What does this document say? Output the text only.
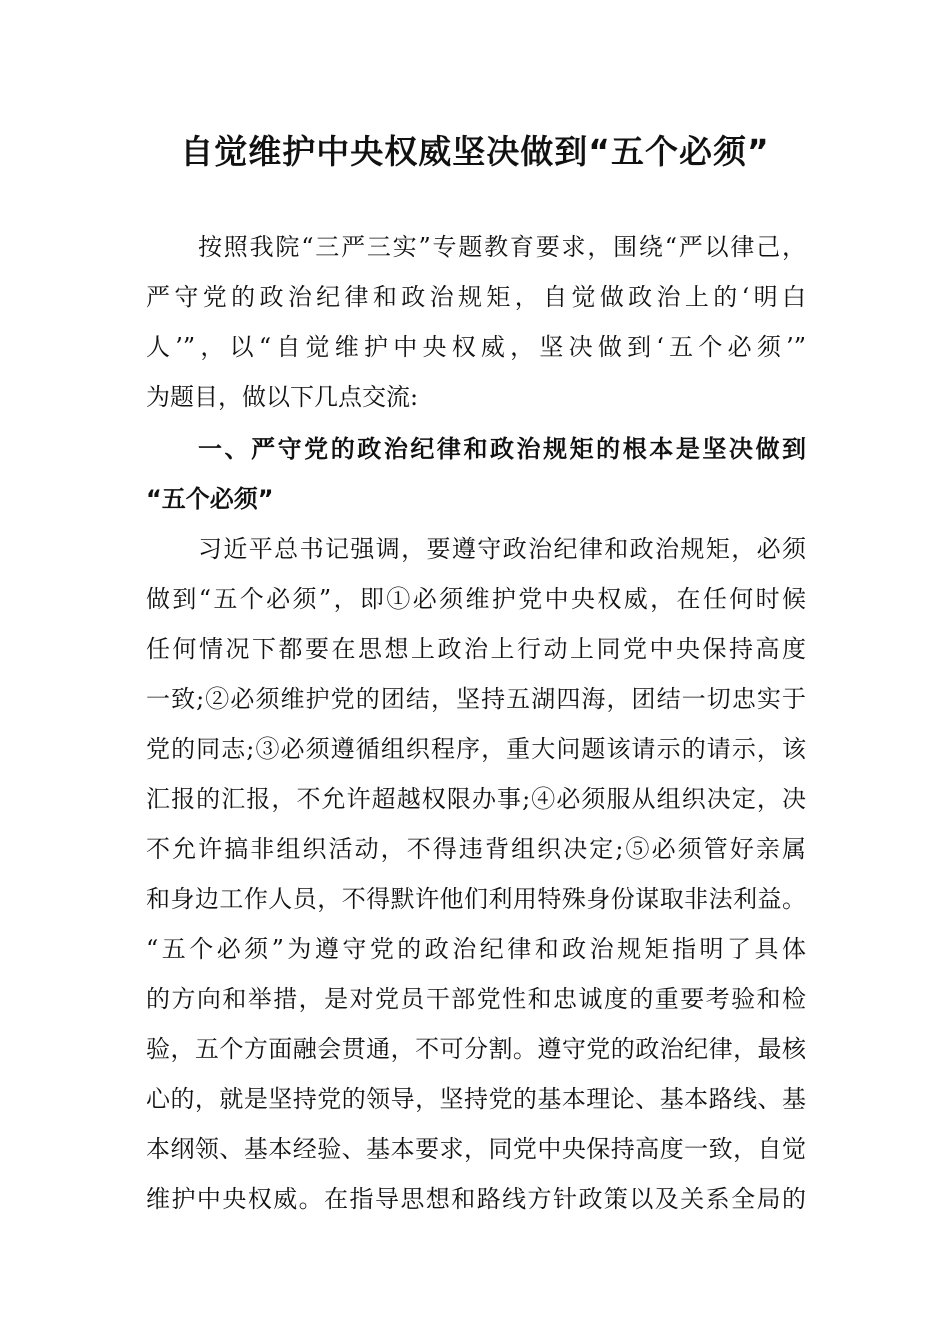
自觉维护中央权威坚决做到“五个必须”
按照我院“三严三实”专题教育要求，围绕“严以律己，
严守党的政治纪律和政治规矩，自觉做政治上的‘明白
人’”，以“自觉维护中央权威，坚决做到‘五个必须’”
为题目，做以下几点交流:
一、严守党的政治纪律和政治规矩的根本是坚决做到
“五个必须”
习近平总书记强调，要遵守政治纪律和政治规矩，必须
做到“五个必须”，即①必须维护党中央权威，在任何时候
任何情况下都要在思想上政治上行动上同党中央保持高度
一致;②必须维护党的团结，坚持五湖四海，团结一切忠实于
党的同志;③必须遵循组织程序，重大问题该请示的请示，该
汇报的汇报，不允许超越权限办事;④必须服从组织决定，决
不允许搞非组织活动，不得违背组织决定;⑤必须管好亲属
和身边工作人员，不得默许他们利用特殊身份谋取非法利益。
“五个必须”为遵守党的政治纪律和政治规矩指明了具体
的方向和举措，是对党员干部党性和忠诚度的重要考验和检
验，五个方面融会贯通，不可分割。遵守党的政治纪律，最核
心的，就是坚持党的领导，坚持党的基本理论、基本路线、基
本纲领、基本经验、基本要求，同党中央保持高度一致，自觉
维护中央权威。在指导思想和路线方针政策以及关系全局的
